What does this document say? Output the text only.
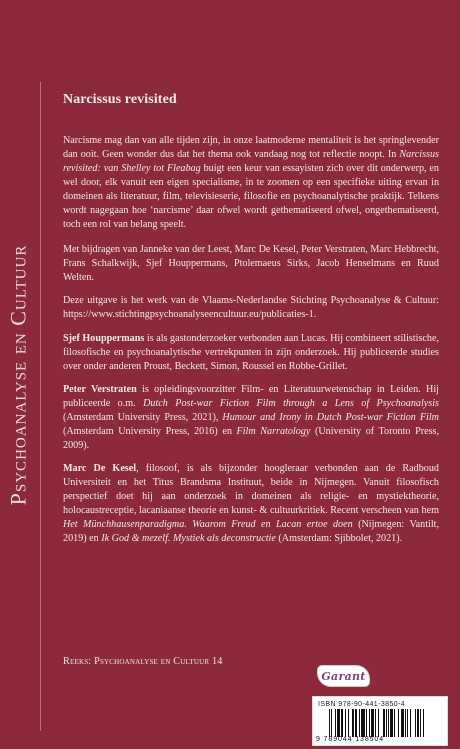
Psychoanalyse en Cultuur
Narcissus revisited

Narcisme mag dan van alle tijden zijn, in onze laatmoderne mentaliteit is het springlevender dan ooit. Geen wonder dus dat het thema ook vandaag nog tot reflectie noopt. In Narcissus revisited: van Shelley tot Fleabag buigt een keur van essayisten zich over dit onderwerp, en wel door, elk vanuit een eigen specialisme, in te zoomen op een specifieke uiting ervan in domeinen als literatuur, film, televisieserie, filosofie en psychoanalytische praktijk. Telkens wordt nagegaan hoe ‘narcisme’ daar ofwel wordt gethematiseerd ofwel, ongethematiseerd, toch een rol van belang speelt.

Met bijdragen van Janneke van der Leest, Marc De Kesel, Peter Verstraten, Marc Hebbrecht, Frans Schalkwijk, Sjef Houppermans, Ptolemaeus Sirks, Jacob Henselmans en Ruud Welten.

Deze uitgave is het werk van de Vlaams-Nederlandse Stichting Psychoanalyse & Cultuur: https://www.stichtingpsychoanalyseencultuur.eu/publicaties-1.

Sjef Houppermans is als gastonderzoeker verbonden aan Lucas. Hij combineert stilistische, filosofische en psychoanalytische vertrekpunten in zijn onderzoek. Hij publiceerde studies over onder anderen Proust, Beckett, Simon, Roussel en Robbe-Grillet.

Peter Verstraten is opleidingsvoorzitter Film- en Literatuurwetenschap in Leiden. Hij publiceerde o.m. Dutch Post-war Fiction Film through a Lens of Psychoanalysis (Amsterdam University Press, 2021), Humour and Irony in Dutch Post-war Fiction Film (Amsterdam University Press, 2016) en Film Narratology (University of Toronto Press, 2009).

Marc De Kesel, filosoof, is als bijzonder hoogleraar verbonden aan de Radboud Universiteit en het Titus Brandsma Instituut, beide in Nijmegen. Vanuit filosofisch perspectief doet hij aan onderzoek in domeinen als religie- en mystiektheorie, holocaustreceptie, lacaniaanse theorie en kunst- & cultuurkritiek. Recent verscheen van hem Het Münchhausenparadigma. Waarom Freud en Lacan ertoe doen (Nijmegen: Vantilt, 2019) en Ik God & mezelf. Mystiek als deconstructie (Amsterdam: Sjibbolet, 2021).

Reeks: Psychoanalyse en Cultuur 14
Garant
ISBN 978-90-441-3850-4
9 789044 138504
